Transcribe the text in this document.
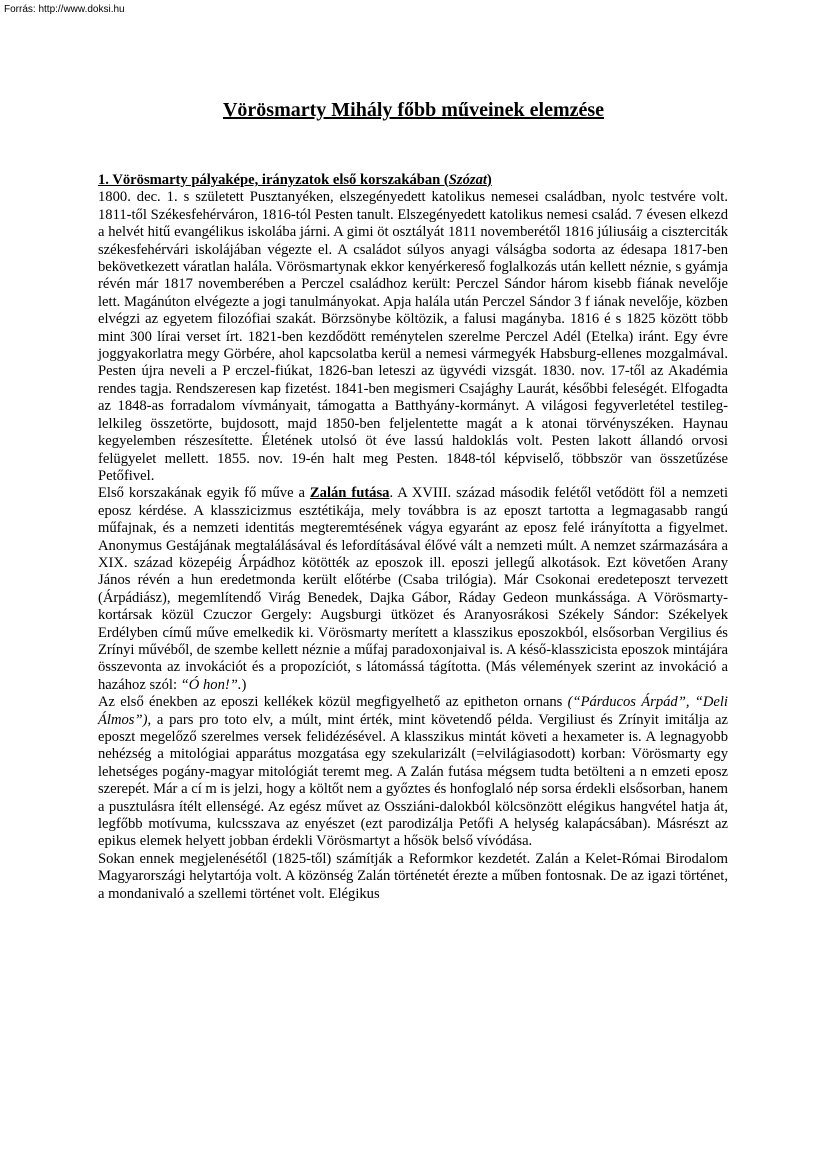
Forrás: http://www.doksi.hu
Vörösmarty Mihály főbb műveinek elemzése

1. Vörösmarty pályaképe, irányzatok első korszakában (Szózat)

1800. dec. 1. s született Pusztanyéken, elszegényedett katolikus nemesei családban, nyolc testvére volt. 1811-től Székesfehérváron, 1816-tól Pesten tanult. Elszegényedett katolikus nemesi család. 7 évesen elkezd a helvét hitű evangélikus iskolába járni. A gimi öt osztályát 1811 novemberétől 1816 júliusáig a ciszterciták székesfehérvári iskolájában végezte el. A családot súlyos anyagi válságba sodorta az édesapa 1817-ben bekövetkezett váratlan halála. Vörösmartynak ekkor kenyérkereső foglalkozás után kellett néznie, s gyámja révén már 1817 novemberében a Perczel családhoz került: Perczel Sándor három kisebb fiának nevelője lett. Magánúton elvégezte a jogi tanulmányokat. Apja halála után Perczel Sándor 3 f iának nevelője, közben elvégzi az egyetem filozófiai szakát. Börzsönybe költözik, a falusi magányba. 1816 é s 1825 között több mint 300 lírai verset írt. 1821-ben kezdődött reménytelen szerelme Perczel Adél (Etelka) iránt. Egy évre joggyakorlatra megy Görbére, ahol kapcsolatba kerül a nemesi vármegyék Habsburg-ellenes mozgalmával. Pesten újra neveli a P erczel-fiúkat, 1826-ban leteszi az ügyvédi vizsgát. 1830. nov. 17-től az Akadémia rendes tagja. Rendszeresen kap fizetést. 1841-ben megismeri Csajághy Laurát, későbbi feleségét. Elfogadta az 1848-as forradalom vívmányait, támogatta a Batthyány-kormányt. A világosi fegyverletétel testileg-lelkileg összetörte, bujdosott, majd 1850-ben feljelentette magát a k atonai törvényszéken. Haynau kegyelemben részesítette. Életének utolsó öt éve lassú haldoklás volt. Pesten lakott állandó orvosi felügyelet mellett. 1855. nov. 19-én halt meg Pesten. 1848-tól képviselő, többször van összetűzése Petőfivel.

Első korszakának egyik fő műve a Zalán futása. A XVIII. század második felétől vetődött föl a nemzeti eposz kérdése. A klasszicizmus esztétikája, mely továbbra is az eposzt tartotta a legmagasabb rangú műfajnak, és a nemzeti identitás megteremtésének vágya egyaránt az eposz felé irányította a figyelmet. Anonymus Gestájának megtalálásával és lefordításával élővé vált a nemzeti múlt. A nemzet származására a XIX. század közepéig Árpádhoz kötötték az eposzok ill. eposzi jellegű alkotások. Ezt követően Arany János révén a hun eredetmonda került előtérbe (Csaba trilógia). Már Csokonai eredeteposzt tervezett (Árpádiász), megemlítendő Virág Benedek, Dajka Gábor, Ráday Gedeon munkássága. A Vörösmarty-kortársak közül Czuczor Gergely: Augsburgi ütközet és Aranyosrákosi Székely Sándor: Székelyek Erdélyben című műve emelkedik ki. Vörösmarty merített a klasszikus eposzokból, elsősorban Vergilius és Zrínyi művéből, de szembe kellett néznie a műfaj paradoxonjaival is. A késő-klasszicista eposzok mintájára összevonta az invokációt és a propozíciót, s látomássá tágította. (Más vélemények szerint az invokáció a hazához szól: “Ó hon!”.)

Az első énekben az eposzi kellékek közül megfigyelhető az epitheton ornans (“Párducos Árpád”, “Deli Álmos”), a pars pro toto elv, a múlt, mint érték, mint követendő példa. Vergiliust és Zrínyit imitálja az eposzt megelőző szerelmes versek felidézésével. A klasszikus mintát követi a hexameter is. A legnagyobb nehézség a mitológiai apparátus mozgatása egy szekularizált (=elvilágiasodott) korban: Vörösmarty egy lehetséges pogány-magyar mitológiát teremt meg. A Zalán futása mégsem tudta betölteni a n emzeti eposz szerepét. Már a cí m is jelzi, hogy a költőt nem a győztes és honfoglaló nép sorsa érdekli elsősorban, hanem a pusztulásra ítélt ellenségé. Az egész művet az Ossziáni-dalokból kölcsönzött elégikus hangvétel hatja át, legfőbb motívuma, kulcsszava az enyészet (ezt parodizálja Petőfi A helység kalapácsában). Másrészt az epikus elemek helyett jobban érdekli Vörösmartyt a hősök belső vívódása.

Sokan ennek megjelenésétől (1825-től) számítják a Reformkor kezdetét. Zalán a Kelet-Római Birodalom Magyarországi helytartója volt. A közönség Zalán történetét érezte a műben fontosnak. De az igazi történet, a mondanivaló a szellemi történet volt. Elégikus
